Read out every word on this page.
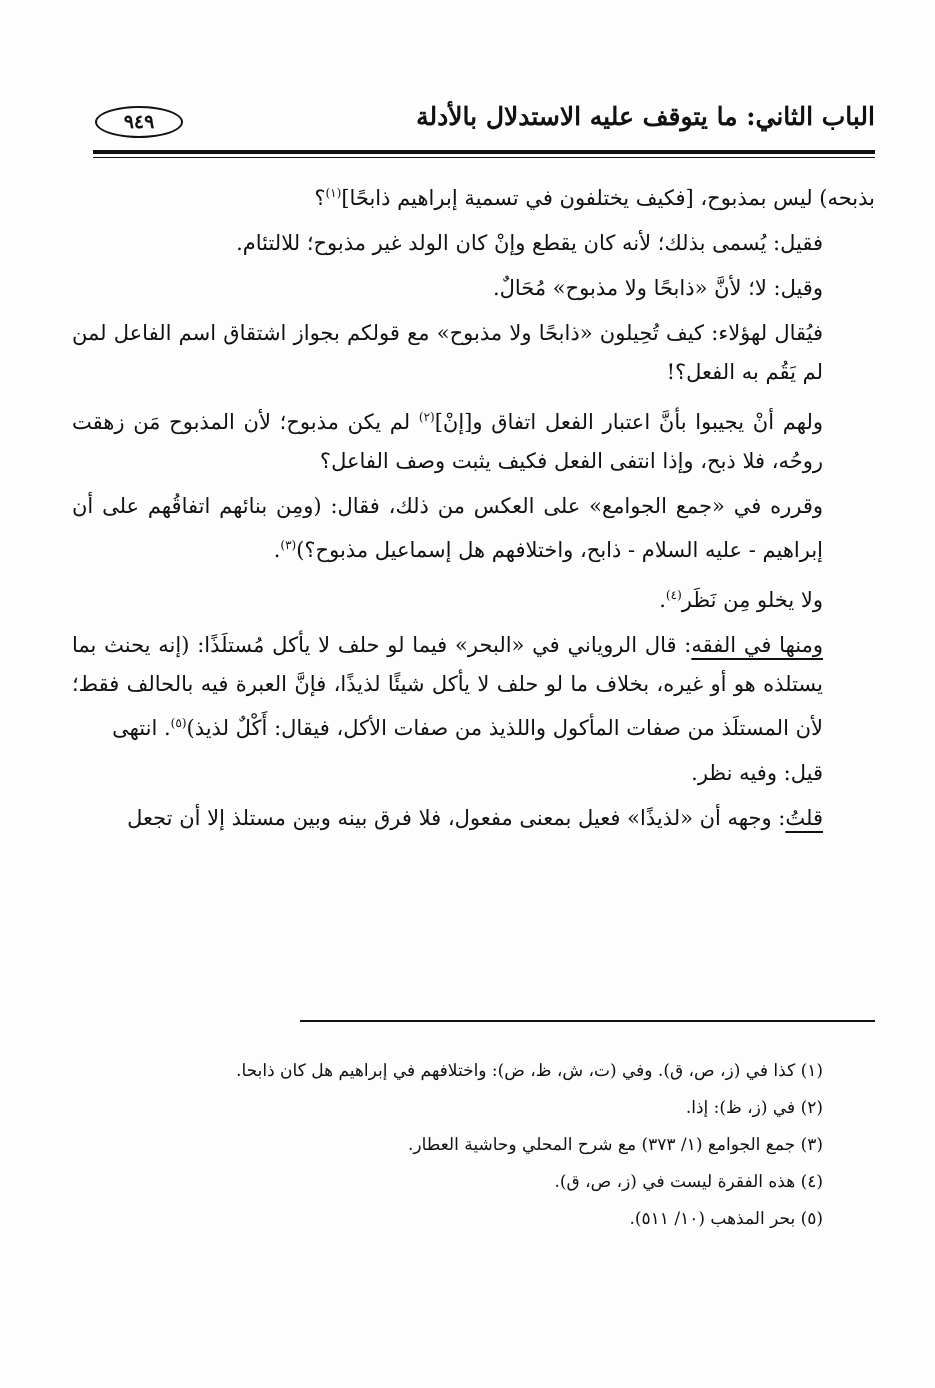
الباب الثاني: ما يتوقف عليه الاستدلال بالأدلة
٩٤٩

بذبحه) ليس بمذبوح، [فكيف يختلفون في تسمية إبراهيم ذابحًا]$^{(١)}$؟

فقيل: يُسمى بذلك؛ لأنه كان يقطع وإنْ كان الولد غير مذبوح؛ للالتئام.

وقيل: لا؛ لأنَّ «ذابحًا ولا مذبوح» مُحَالٌ.

فيُقال لهؤلاء: كيف تُحِيلون «ذابحًا ولا مذبوح» مع قولكم بجواز اشتقاق اسم الفاعل لمن لم يَقُم به الفعل؟!

ولهم أنْ يجيبوا بأنَّ اعتبار الفعل اتفاق و[إنْ]$^{(٢)}$ لم يكن مذبوح؛ لأن المذبوح مَن زهقت روحُه، فلا ذبح، وإذا انتفى الفعل فكيف يثبت وصف الفاعل؟

وقرره في «جمع الجوامع» على العكس من ذلك، فقال: (ومِن بنائهم اتفاقُهم على أن إبراهيم - عليه السلام - ذابح، واختلافهم هل إسماعيل مذبوح؟)$^{(٣)}$.

ولا يخلو مِن نَظَر$^{(٤)}$.

ومنها في الفقه: قال الروياني في «البحر» فيما لو حلف لا يأكل مُستلَذًا: (إنه يحنث بما يستلذه هو أو غيره، بخلاف ما لو حلف لا يأكل شيئًا لذيذًا، فإنَّ العبرة فيه بالحالف فقط؛ لأن المستلَذ من صفات المأكول واللذيذ من صفات الأكل، فيقال: أَكْلٌ لذيذ)$^{(٥)}$. انتهى

قيل: وفيه نظر.

قلتُ: وجهه أن «لذيذًا» فعيل بمعنى مفعول، فلا فرق بينه وبين مستلذ إلا أن تجعل

(١) كذا في (ز، ص، ق). وفي (ت، ش، ظ، ض): واختلافهم في إبراهيم هل كان ذابحا.
(٢) في (ز، ظ): إذا.
(٣) جمع الجوامع (١/ ٣٧٣) مع شرح المحلي وحاشية العطار.
(٤) هذه الفقرة ليست في (ز، ص، ق).
(٥) بحر المذهب (١٠/ ٥١١).
